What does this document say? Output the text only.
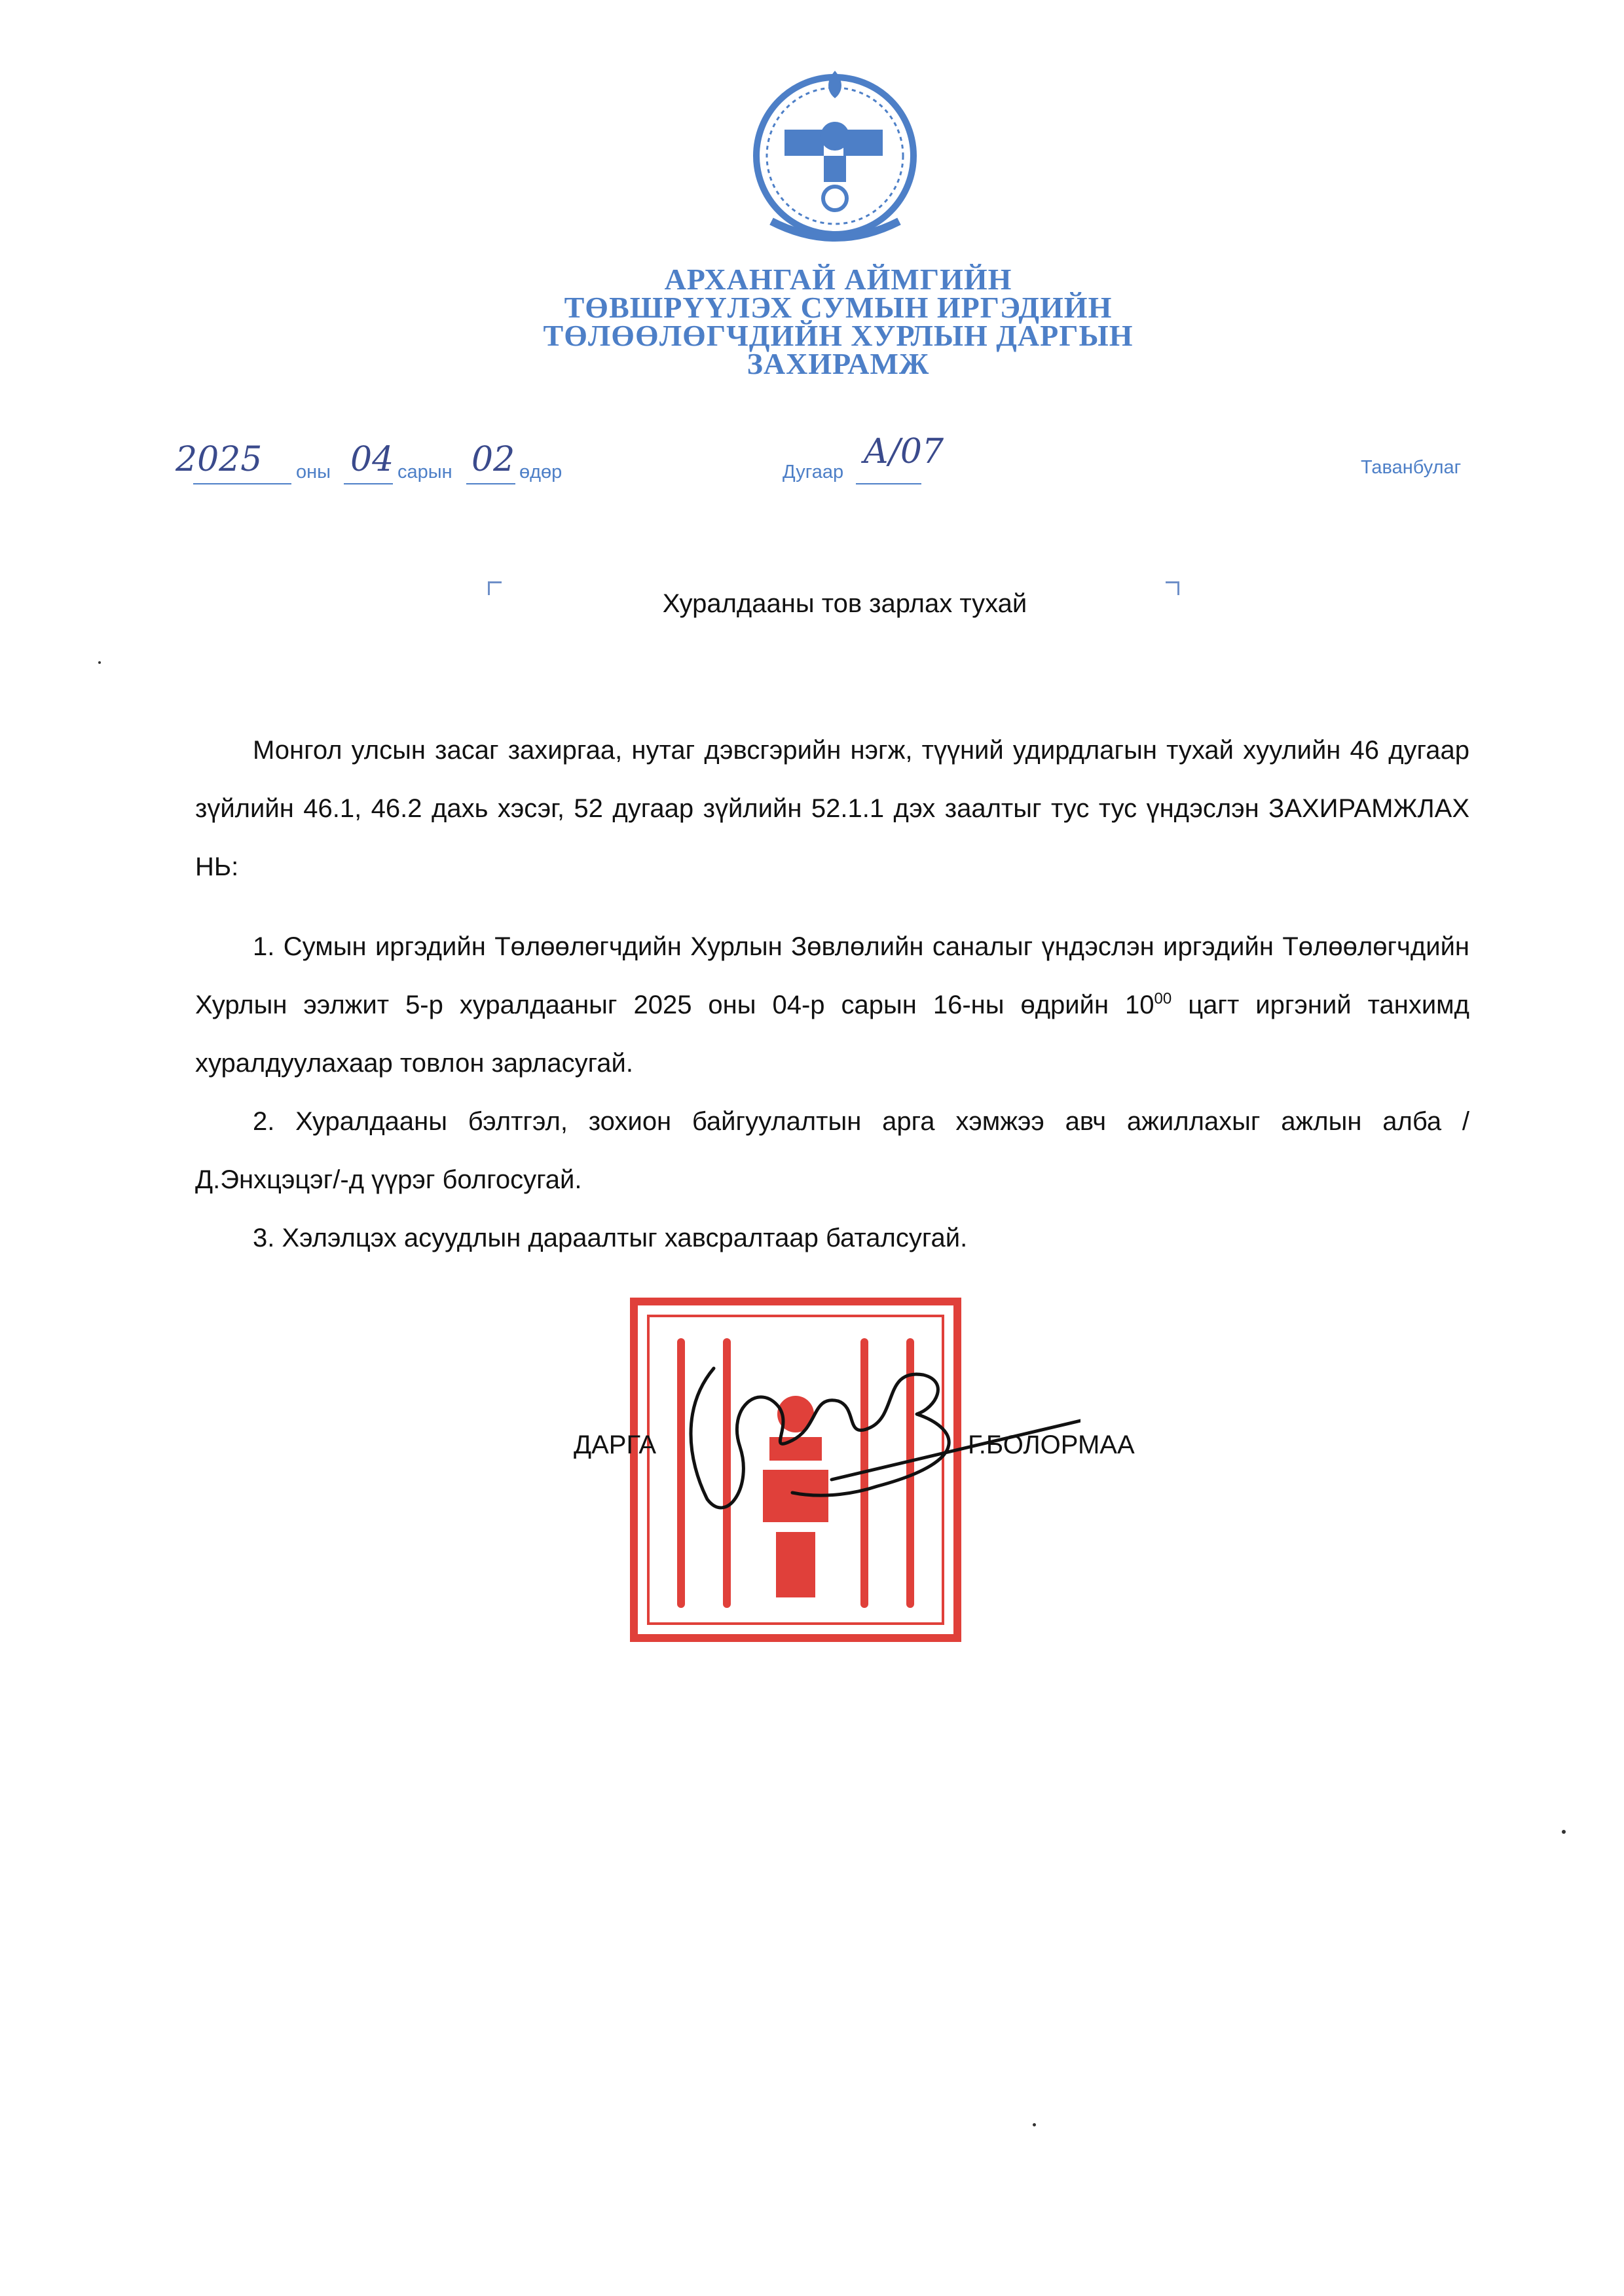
АРХАНГАЙ АЙМГИЙН
ТӨВШРҮҮЛЭХ СУМЫН ИРГЭДИЙН
ТӨЛӨӨЛӨГЧДИЙН ХУРЛЫН ДАРГЫН
ЗАХИРАМЖ
2025 оны 04 сарын 02 өдөр	Дугаар
А/07	Таванбулаг
Хуралдааны тов зарлах тухай

Монгол улсын засаг захиргаа, нутаг дэвсгэрийн нэгж, түүний удирдлагын тухай хуулийн 46 дугаар зүйлийн 46.1, 46.2 дахь хэсэг, 52 дугаар зүйлийн 52.1.1 дэх заалтыг тус тус үндэслэн ЗАХИРАМЖЛАХ НЬ:

1. Сумын иргэдийн Төлөөлөгчдийн Хурлын Зөвлөлийн саналыг үндэслэн иргэдийн Төлөөлөгчдийн Хурлын ээлжит 5-р хуралдааныг 2025 оны 04-р сарын 16-ны өдрийн $10^{00}$ цагт иргэний танхимд хуралдуулахаар товлон зарласугай.

2. Хуралдааны бэлтгэл, зохион байгуулалтын арга хэмжээ авч ажиллахыг ажлын алба /Д.Энхцэцэг/-д үүрэг болгосугай.

3. Хэлэлцэх асуудлын дараалтыг хавсралтаар баталсугай.

ДАРГА	Г.БОЛОРМАА
